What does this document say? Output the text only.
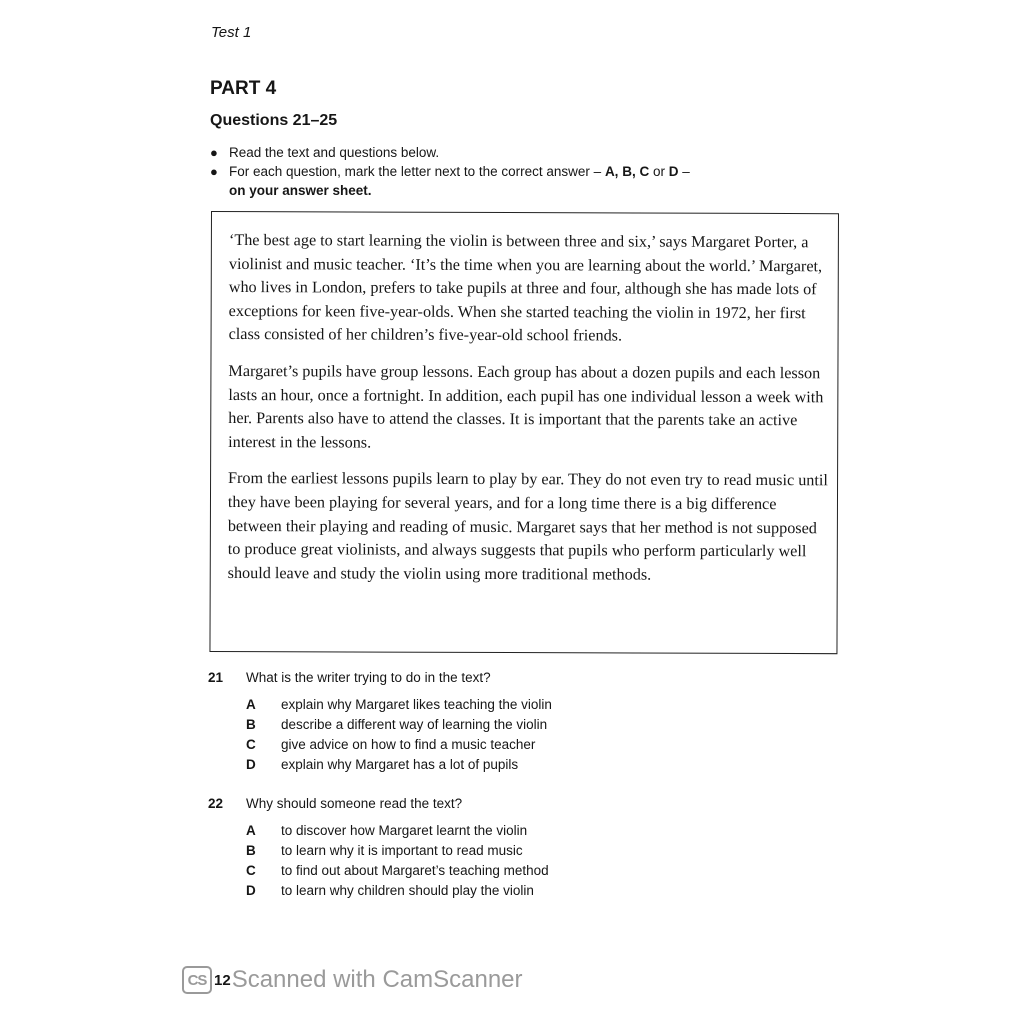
Test 1
PART 4
Questions 21–25
● Read the text and questions below.
● For each question, mark the letter next to the correct answer – A, B, C or D –
on your answer sheet.

‘The best age to start learning the violin is between three and six,’ says Margaret Porter, a violinist and music teacher. ‘It’s the time when you are learning about the world.’ Margaret, who lives in London, prefers to take pupils at three and four, although she has made lots of exceptions for keen five-year-olds. When she started teaching the violin in 1972, her first class consisted of her children’s five-year-old school friends.

Margaret’s pupils have group lessons. Each group has about a dozen pupils and each lesson lasts an hour, once a fortnight. In addition, each pupil has one individual lesson a week with her. Parents also have to attend the classes. It is important that the parents take an active interest in the lessons.

From the earliest lessons pupils learn to play by ear. They do not even try to read music until they have been playing for several years, and for a long time there is a big difference between their playing and reading of music. Margaret says that her method is not supposed to produce great violinists, and always suggests that pupils who perform particularly well should leave and study the violin using more traditional methods.

21	What is the writer trying to do in the text?
A	explain why Margaret likes teaching the violin
B	describe a different way of learning the violin
C	give advice on how to find a music teacher
D	explain why Margaret has a lot of pupils
22	Why should someone read the text?
A	to discover how Margaret learnt the violin
B	to learn why it is important to read music
C	to find out about Margaret’s teaching method
D	to learn why children should play the violin
CS 12 Scanned with CamScanner
